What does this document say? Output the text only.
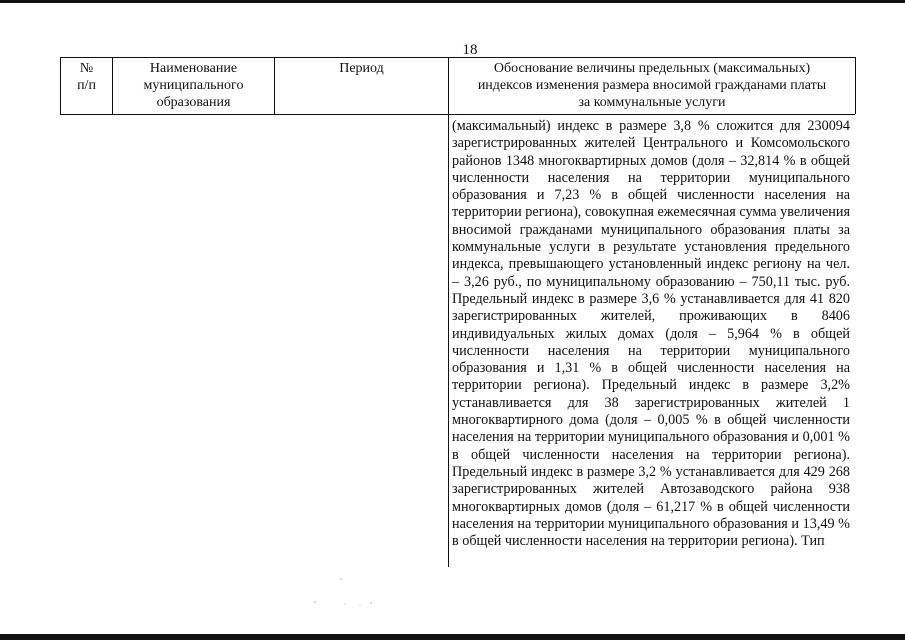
18
№
п/п
Наименование
муниципального
образования
Период	Обоснование величины предельных (максимальных)
индексов изменения размера вносимой гражданами платы
за коммунальные услуги

(максимальный) индекс в размере 3,8 % сложится для 230094 зарегистрированных жителей Центрального и Комсомольского районов 1348 многоквартирных домов (доля – 32,814 % в общей численности населения на территории муниципального образования и 7,23 % в общей численности населения на территории региона), совокупная ежемесячная сумма увеличения вносимой гражданами муниципального образования платы за коммунальные услуги в результате установления предельного индекса, превышающего установленный индекс региону на чел. – 3,26 руб., по муниципальному образованию – 750,11 тыс. руб. Предельный индекс в размере 3,6 % устанавливается для 41 820 зарегистрированных жителей, проживающих в 8406 индивидуальных жилых домах (доля – 5,964 % в общей численности населения на территории муниципального образования и 1,31 % в общей численности населения на территории региона). Предельный индекс в размере 3,2% устанавливается для 38 зарегистрированных жителей 1 многоквартирного дома (доля – 0,005 % в общей численности населения на территории муниципального образования и 0,001 % в общей численности населения на территории региона). Предельный индекс в размере 3,2 % устанавливается для 429 268 зарегистрированных жителей Автозаводского района 938 многоквартирных домов (доля – 61,217 % в общей численности населения на территории муниципального образования и 13,49 % в общей численности населения на территории региона). Тип
